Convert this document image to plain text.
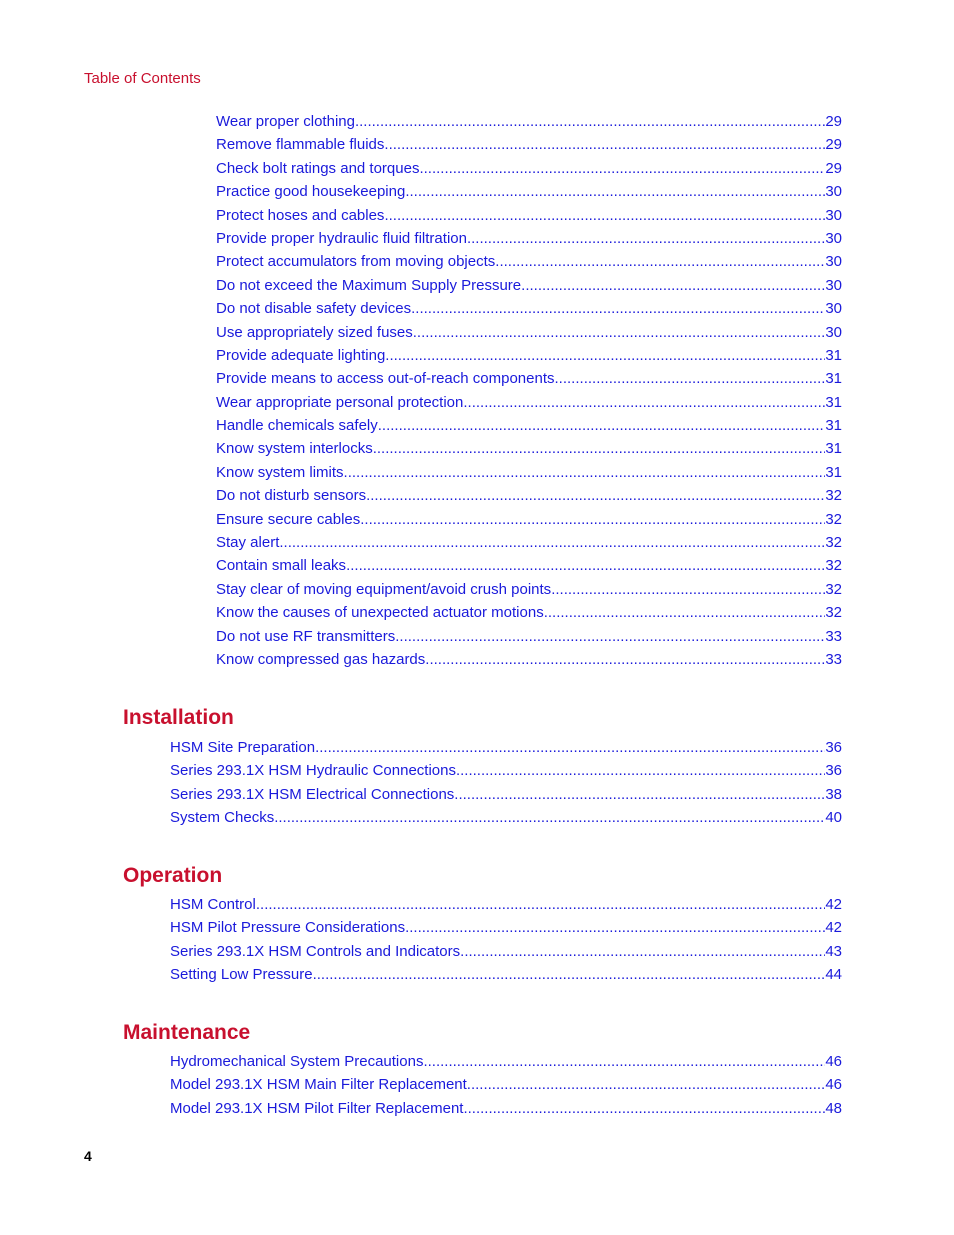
Table of Contents
Wear proper clothing .....	29
Remove flammable fluids .....	29
Check bolt ratings and torques .....	29
Practice good housekeeping .....	30
Protect hoses and cables .....	30
Provide proper hydraulic fluid filtration .....	30
Protect accumulators from moving objects .....	30
Do not exceed the Maximum Supply Pressure .....	30
Do not disable safety devices .....	30
Use appropriately sized fuses .....	30
Provide adequate lighting .....	31
Provide means to access out-of-reach components .....	31
Wear appropriate personal protection .....	31
Handle chemicals safely .....	31
Know system interlocks .....	31
Know system limits .....	31
Do not disturb sensors .....	32
Ensure secure cables .....	32
Stay alert .....	32
Contain small leaks .....	32
Stay clear of moving equipment/avoid crush points .....	32
Know the causes of unexpected actuator motions .....	32
Do not use RF transmitters .....	33
Know compressed gas hazards .....	33
Installation
HSM Site Preparation .....	36
Series 293.1X HSM Hydraulic Connections .....	36
Series 293.1X HSM Electrical Connections .....	38
System Checks .....	40
Operation
HSM Control .....	42
HSM Pilot Pressure Considerations .....	42
Series 293.1X HSM Controls and Indicators .....	43
Setting Low Pressure .....	44
Maintenance
Hydromechanical System Precautions .....	46
Model 293.1X HSM Main Filter Replacement .....	46
Model 293.1X HSM Pilot Filter Replacement .....	48
4
